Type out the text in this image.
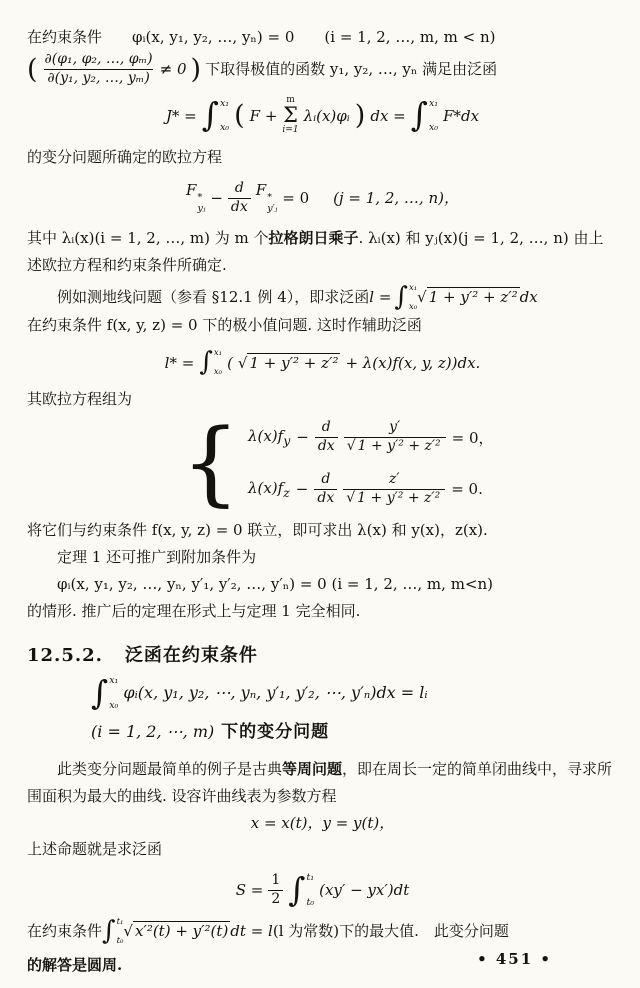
在约束条件　　φᵢ(x, y₁, y₂, …, yₙ) = 0　　(i = 1, 2, …, m, m < n)
( $\frac{\text{∂(φ₁, φ₂, …, φₘ)}}{\text{∂(y₁, y₂, …, yₘ)}} \ne 0$ ) 下取得极值的函数 y₁, y₂, …, yₙ 满足由泛函
J* = ∫ x₁
x₀ ( F +
m
Σ
i=1
λᵢ(x)φᵢ ) dx = ∫ x₁
x₀
F*dx
的变分问题所确定的欧拉方程
F *
yⱼ
− $\frac{d}{dx}$ F *
y′ⱼ
= 0 (j = 1, 2, …, n)，
其中 λᵢ(x)(i = 1, 2, …, m) 为 m 个拉格朗日乘子. λᵢ(x) 和 yⱼ(x)(j = 1, 2, …, n) 由上述欧拉方程和约束条件所确定.
例如测地线问题（参看 §12.1 例 4），即求泛函 l = ∫ x₁
x₀
√ 1 + y′² + z′² dx
在约束条件 f(x, y, z) = 0 下的极小值问题. 这时作辅助泛函
l* = ∫ x₁
x₀ ( √ 1 + y′² + z′² + λ(x)f(x, y, z))dx.
其欧拉方程组为
{ $\lambda(x)f_y - \frac{d}{dx} \frac{y'}{\text{√ 1 + y′² + z′²}} = 0$，
$\lambda(x)f_z - \frac{d}{dx} \frac{z'}{\text{√ 1 + y′² + z′²}} = 0$.
将它们与约束条件 f(x, y, z) = 0 联立，即可求出 λ(x) 和 y(x)，z(x).
定理 1 还可推广到附加条件为
φᵢ(x, y₁, y₂, …, yₙ, y′₁, y′₂, …, y′ₙ) = 0 (i = 1, 2, …, m, m<n)
的情形. 推广后的定理在形式上与定理 1 完全相同.
12.5.2. 泛函在约束条件
∫ x₁
x₀
φᵢ(x, y₁, y₂, ⋯, yₙ, y′₁, y′₂, ⋯, y′ₙ)dx = lᵢ
(i = 1, 2, ⋯, m) 下的变分问题
此类变分问题最简单的例子是古典等周问题，即在周长一定的简单闭曲线中，寻求所围面积为最大的曲线. 设容许曲线表为参数方程
x = x(t)，y = y(t)，
上述命题就是求泛函
$S = \frac{1}{2}$ ∫ t₁
t₀
(xy′ − yx′)dt
在约束条件 ∫ t₁
t₀
√ x′²(t) + y′²(t) dt = l (l 为常数)下的最大值.　此变分问题
的解答是圆周.	• 451 •
